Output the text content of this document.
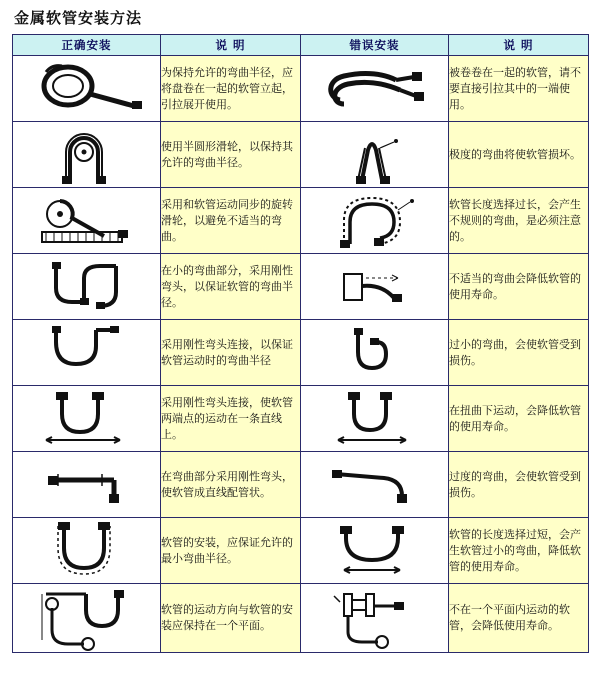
金属软管安装方法
正确安装	说 明	错误安装	说 明

	为保持允许的弯曲半径，应将盘卷在一起的软管立起，引拉展开使用。		被卷卷在一起的软管，请不要直接引拉其中的一端使用。

	使用半圆形滑轮，以保持其允许的弯曲半径。		极度的弯曲将使软管损坏。

	采用和软管运动同步的旋转滑轮，以避免不适当的弯曲。		软管长度选择过长，会产生不规则的弯曲，是必须注意的。

	在小的弯曲部分，采用刚性弯头，以保证软管的弯曲半径。		不适当的弯曲会降低软管的使用寿命。

	采用刚性弯头连接，以保证软管运动时的弯曲半径		过小的弯曲，会使软管受到损伤。

	采用刚性弯头连接，使软管两端点的运动在一条直线上。		在扭曲下运动，会降低软管的使用寿命。

	在弯曲部分采用刚性弯头，使软管成直线配管状。		过度的弯曲，会使软管受到损伤。

	软管的安装，应保证允许的最小弯曲半径。		软管的长度选择过短，会产生软管过小的弯曲，降低软管的使用寿命。

	软管的运动方向与软管的安装应保持在一个平面。		不在一个平面内运动的软管，会降低使用寿命。
